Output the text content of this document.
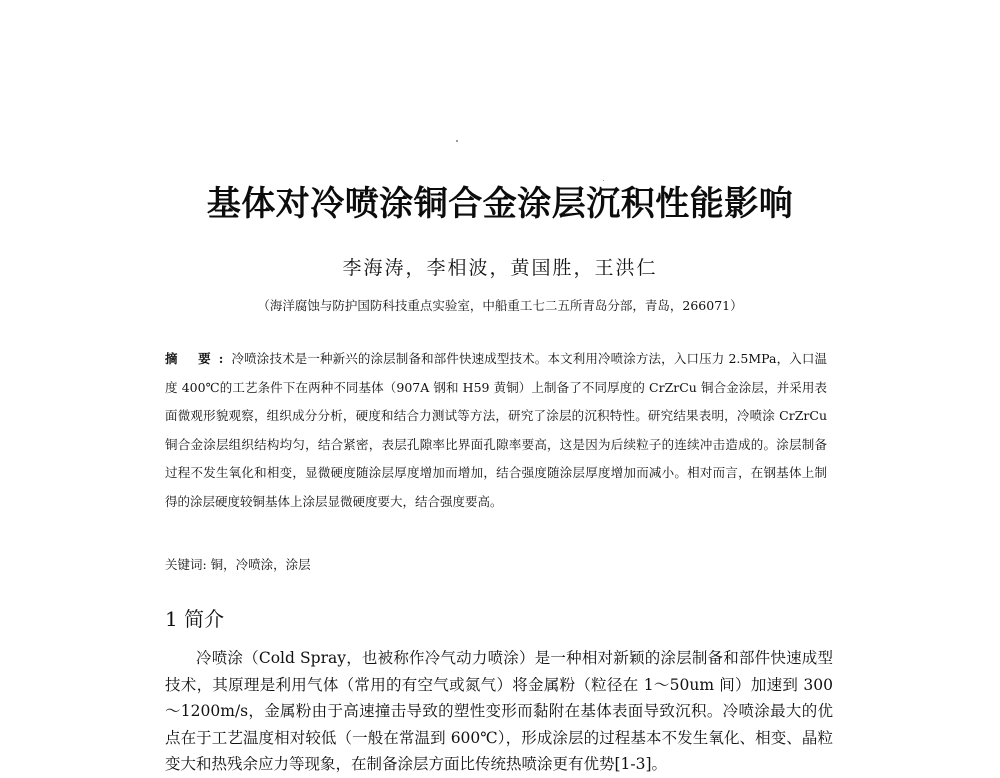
基体对冷喷涂铜合金涂层沉积性能影响

李海涛，李相波，黄国胜，王洪仁

（海洋腐蚀与防护国防科技重点实验室，中船重工七二五所青岛分部，青岛，266071）

摘 要:冷喷涂技术是一种新兴的涂层制备和部件快速成型技术。本文利用冷喷涂方法，入口压力 2.5MPa，入口温度 400℃的工艺条件下在两种不同基体（907A 钢和 H59 黄铜）上制备了不同厚度的 CrZrCu 铜合金涂层，并采用表面微观形貌观察，组织成分分析，硬度和结合力测试等方法，研究了涂层的沉积特性。研究结果表明，冷喷涂 CrZrCu 铜合金涂层组织结构均匀，结合紧密，表层孔隙率比界面孔隙率要高，这是因为后续粒子的连续冲击造成的。涂层制备过程不发生氧化和相变，显微硬度随涂层厚度增加而增加，结合强度随涂层厚度增加而减小。相对而言，在钢基体上制得的涂层硬度较铜基体上涂层显微硬度要大，结合强度要高。

关键词: 铜，冷喷涂，涂层

1 简介

冷喷涂（Cold Spray，也被称作冷气动力喷涂）是一种相对新颖的涂层制备和部件快速成型技术，其原理是利用气体（常用的有空气或氮气）将金属粉（粒径在 1～50um 间）加速到 300～1200m/s，金属粉由于高速撞击导致的塑性变形而黏附在基体表面导致沉积。冷喷涂最大的优点在于工艺温度相对较低（一般在常温到 600℃），形成涂层的过程基本不发生氧化、相变、晶粒变大和热残余应力等现象，在制备涂层方面比传统热喷涂更有优势[1-3]。
